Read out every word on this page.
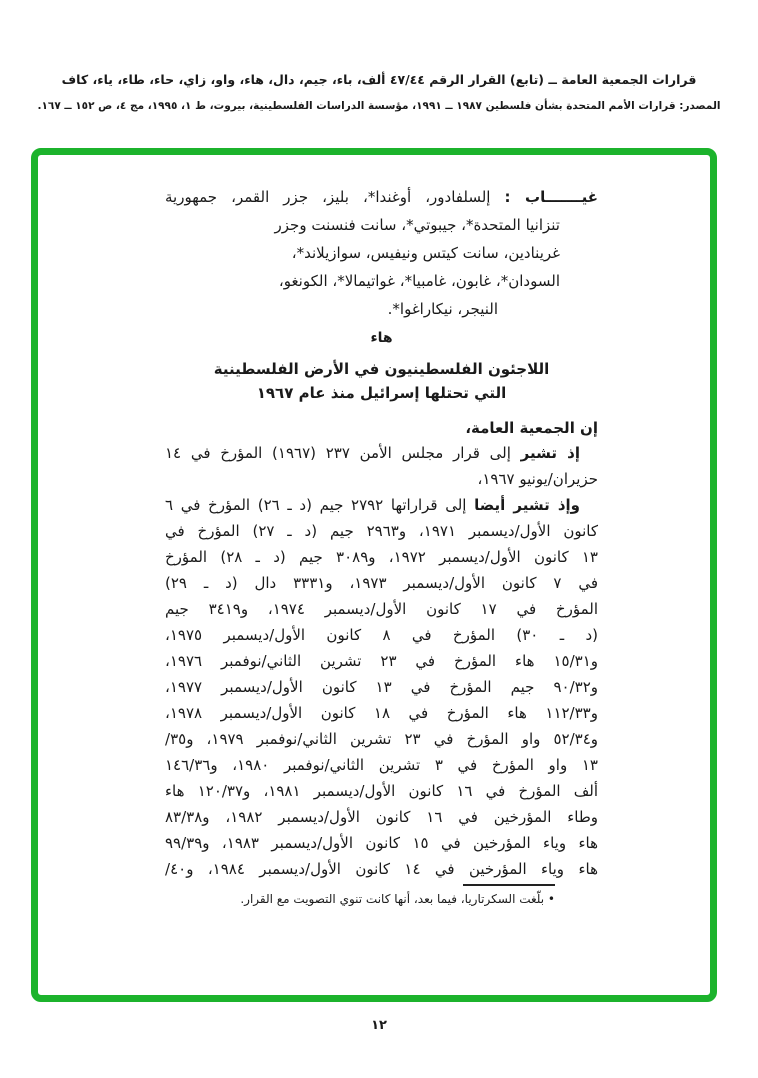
قرارات الجمعية العامة ــ (تابع) القرار الرقم ٤٧/٤٤ ألف، باء، جيم، دال، هاء، واو، زاي، حاء، طاء، ياء، كاف
المصدر: قرارات الأمم المتحدة بشأن فلسطين ١٩٨٧ ــ ١٩٩١، مؤسسة الدراسات الفلسطينية، بيروت، ط ١، ١٩٩٥، مج ٤، ص ١٥٢ ــ ١٦٧.
غيـــــــاب : إلسلفادور، أوغندا*، بليز، جزر القمر، جمهورية
تنزانيا المتحدة*، جيبوتي*، سانت فنسنت وجزر
غرينادين، سانت كيتس ونيفيس، سوازيلاند*،
السودان*، غابون، غامبيا*، غواتيمالا*، الكونغو،
النيجر، نيكاراغوا*.
هاء
اللاجئون الفلسطينيون في الأرض الفلسطينية
التي تحتلها إسرائيل منذ عام ١٩٦٧
إن الجمعية العامة،
إذ تشير إلى قرار مجلس الأمن ٢٣٧ (١٩٦٧) المؤرخ في ١٤
حزيران/يونيو ١٩٦٧،
وإذ تشير أيضا إلى قراراتها ٢٧٩٢ جيم (د ـ ٢٦) المؤرخ في ٦
كانون الأول/ديسمبر ١٩٧١، و٢٩٦٣ جيم (د ـ ٢٧) المؤرخ في
١٣ كانون الأول/ديسمبر ١٩٧٢، و٣٠٨٩ جيم (د ـ ٢٨) المؤرخ
في ٧ كانون الأول/ديسمبر ١٩٧٣، و٣٣٣١ دال (د ـ ٢٩)
المؤرخ في ١٧ كانون الأول/ديسمبر ١٩٧٤، و٣٤١٩ جيم
(د ـ ٣٠) المؤرخ في ٨ كانون الأول/ديسمبر ١٩٧٥،
و١٥/٣١ هاء المؤرخ في ٢٣ تشرين الثاني/نوفمبر ١٩٧٦،
و٩٠/٣٢ جيم المؤرخ في ١٣ كانون الأول/ديسمبر ١٩٧٧،
و١١٢/٣٣ هاء المؤرخ في ١٨ كانون الأول/ديسمبر ١٩٧٨،
و٥٢/٣٤ واو المؤرخ في ٢٣ تشرين الثاني/نوفمبر ١٩٧٩، و٣٥/
١٣ واو المؤرخ في ٣ تشرين الثاني/نوفمبر ١٩٨٠، و١٤٦/٣٦
ألف المؤرخ في ١٦ كانون الأول/ديسمبر ١٩٨١، و١٢٠/٣٧ هاء
وطاء المؤرخين في ١٦ كانون الأول/ديسمبر ١٩٨٢، و٨٣/٣٨
هاء وياء المؤرخين في ١٥ كانون الأول/ديسمبر ١٩٨٣، و٩٩/٣٩
هاء وياء المؤرخين في ١٤ كانون الأول/ديسمبر ١٩٨٤، و٤٠/
• بلّغت السكرتاريا، فيما بعد، أنها كانت تنوي التصويت مع القرار.
١٢
